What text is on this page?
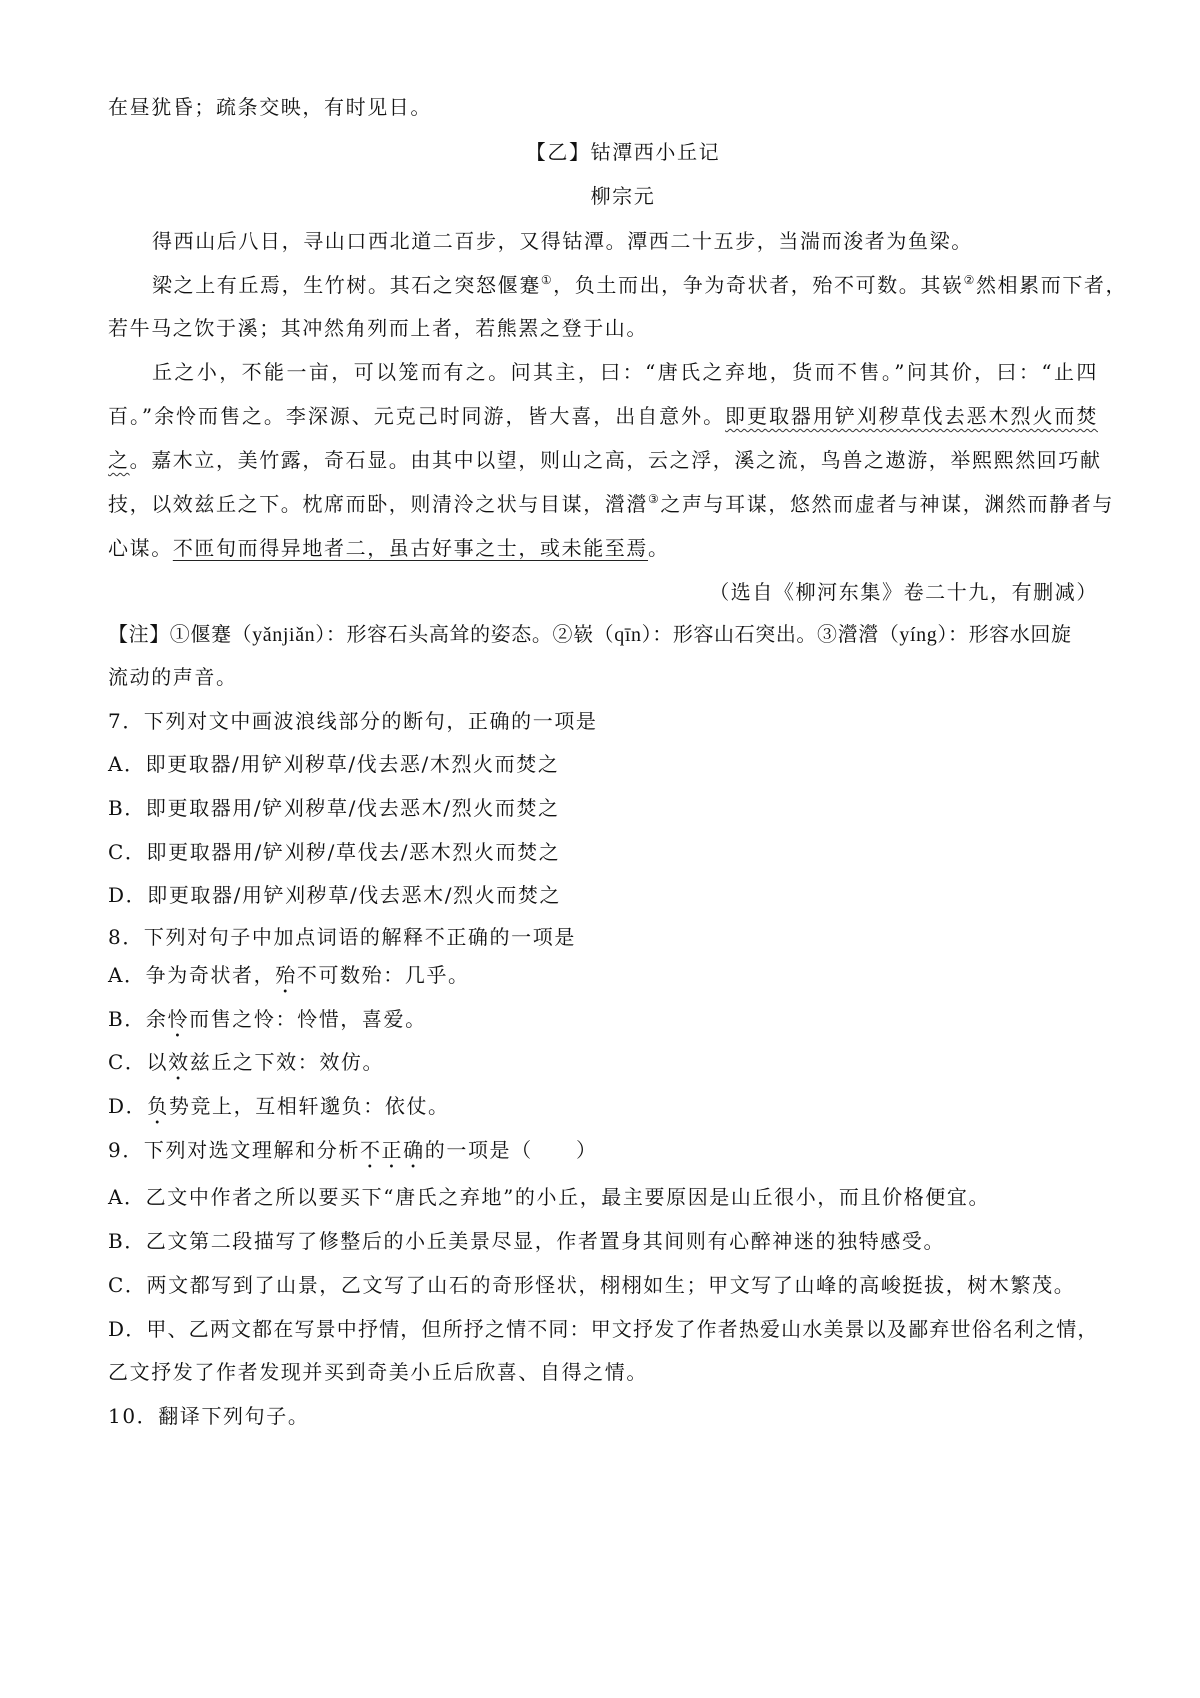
在昼犹昏；疏条交映，有时见日。
【乙】钴潭西小丘记
柳宗元
得西山后八日，寻山口西北道二百步，又得钴潭。潭西二十五步，当湍而浚者为鱼梁。
梁之上有丘焉，生竹树。其石之突怒偃蹇①，负土而出，争为奇状者，殆不可数。其嵚②然相累而下者，
若牛马之饮于溪；其冲然角列而上者，若熊罴之登于山。
丘之小，不能一亩，可以笼而有之。问其主，曰：“唐氏之弃地，货而不售。”问其价，曰：“止四
百。”余怜而售之。李深源、元克己时同游，皆大喜，出自意外。即更取器用铲刈秽草伐去恶木烈火而焚
之。嘉木立，美竹露，奇石显。由其中以望，则山之高，云之浮，溪之流，鸟兽之遨游，举熙熙然回巧献
技，以效兹丘之下。枕席而卧，则清泠之状与目谋，瀯瀯③之声与耳谋，悠然而虚者与神谋，渊然而静者与
心谋。不匝旬而得异地者二，虽古好事之士，或未能至焉。
（选自《柳河东集》卷二十九，有删减）
【注】①偃蹇（yǎnjiǎn）：形容石头高耸的姿态。②嵚（qīn）：形容山石突出。③瀯瀯（yíng）：形容水回旋
流动的声音。
7．下列对文中画波浪线部分的断句，正确的一项是
A．即更取器/用铲刈秽草/伐去恶/木烈火而焚之
B．即更取器用/铲刈秽草/伐去恶木/烈火而焚之
C．即更取器用/铲刈秽/草伐去/恶木烈火而焚之
D．即更取器/用铲刈秽草/伐去恶木/烈火而焚之
8．下列对句子中加点词语的解释不正确的一项是
A．争为奇状者，殆不可数殆：几乎。
B．余怜而售之怜：怜惜，喜爱。
C．以效兹丘之下效：效仿。
D．负势竞上，互相轩邈负：依仗。
9．下列对选文理解和分析不正确的一项是（　　）
A．乙文中作者之所以要买下“唐氏之弃地”的小丘，最主要原因是山丘很小，而且价格便宜。
B．乙文第二段描写了修整后的小丘美景尽显，作者置身其间则有心醉神迷的独特感受。
C．两文都写到了山景，乙文写了山石的奇形怪状，栩栩如生；甲文写了山峰的高峻挺拔，树木繁茂。
D．甲、乙两文都在写景中抒情，但所抒之情不同：甲文抒发了作者热爱山水美景以及鄙弃世俗名利之情，
乙文抒发了作者发现并买到奇美小丘后欣喜、自得之情。
10．翻译下列句子。
